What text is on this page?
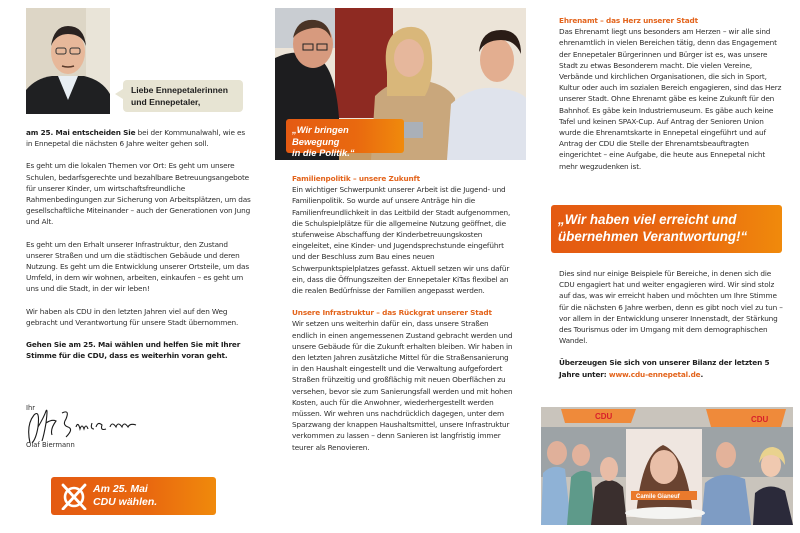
Liebe Ennepetalerinnen
und Ennepetaler,

am 25. Mai entscheiden Sie bei der Kommunalwahl, wie es in Ennepetal die nächsten 6 Jahre weiter gehen soll.

Es geht um die lokalen Themen vor Ort: Es geht um unsere Schulen, bedarfsgerechte und bezahlbare Betreuungsangebote für unserer Kinder, um wirtschaftsfreundliche Rahmenbedingungen zur Sicherung von Arbeitsplätzen, um das gesellschaftliche Miteinander – auch der Generationen von Jung und Alt.

Es geht um den Erhalt unserer Infrastruktur, den Zustand unserer Straßen und um die städtischen Gebäude und deren Nutzung. Es geht um die Entwicklung unserer Ortsteile, um das Umfeld, in dem wir wohnen, arbeiten, einkaufen – es geht um uns und die Stadt, in der wir leben!

Wir haben als CDU in den letzten Jahren viel auf den Weg gebracht und Verantwortung für unsere Stadt übernommen.

Gehen Sie am 25. Mai wählen und helfen Sie mit Ihrer Stimme für die CDU, dass es weiterhin voran geht.

Ihr
Olaf Biermann
Am 25. Mai
CDU wählen.
„Wir bringen Bewegung
in die Politik.“
Familienpolitik – unsere Zukunft

Ein wichtiger Schwerpunkt unserer Arbeit ist die Jugend- und Familienpolitik. So wurde auf unsere Anträge hin die Familienfreundlichkeit in das Leitbild der Stadt aufgenommen, die Schulspielplätze für die allgemeine Nutzung geöffnet, die stufenweise Abschaffung der Kinderbetreuungskosten eingeleitet, eine Kinder- und Jugendsprechstunde eingeführt und der Beschluss zum Bau eines neuen Schwerpunktspielplatzes gefasst. Aktuell setzen wir uns dafür ein, dass die Öffnungszeiten der Ennepetaler KiTas flexibel an die realen Bedürfnisse der Familien angepasst werden.

Unsere Infrastruktur – das Rückgrat unserer Stadt

Wir setzen uns weiterhin dafür ein, dass unsere Straßen endlich in einen angemessenen Zustand gebracht werden und unsere Gebäude für die Zukunft erhalten bleiben. Wir haben in den letzten Jahren zusätzliche Mittel für die Straßensanierung in den Haushalt eingestellt und die Verwaltung aufgefordert Straßen frühzeitig und großflächig mit neuen Oberflächen zu versehen, bevor sie zum Sanierungsfall werden und mit hohen Kosten, auch für die Anwohner, wiederhergestellt werden müssen. Wir wehren uns nachdrücklich dagegen, unter dem Sparzwang der knappen Haushaltsmittel, unsere Infrastruktur verkommen zu lassen – denn Sanieren ist langfristig immer teurer als Renovieren.

Ehrenamt – das Herz unserer Stadt

Das Ehrenamt liegt uns besonders am Herzen – wir alle sind ehrenamtlich in vielen Bereichen tätig, denn das Engagement der Ennepetaler Bürgerinnen und Bürger ist es, was unsere Stadt zu etwas Besonderem macht. Die vielen Vereine, Verbände und kirchlichen Organisationen, die sich in Sport, Kultur oder auch im sozialen Bereich engagieren, sind das Herz unserer Stadt. Ohne Ehrenamt gäbe es keine Zukunft für den Bahnhof. Es gäbe kein Industriemuseum. Es gäbe auch keine Tafel und keinen SPAX-Cup. Auf Antrag der Senioren Union wurde die Ehrenamtskarte in Ennepetal eingeführt und auf Antrag der CDU die Stelle der Ehrenamtsbeauftragten eingerichtet – eine Aufgabe, die heute aus Ennepetal nicht mehr wegzudenken ist.

„Wir haben viel erreicht und
übernehmen Verantwortung!“

Dies sind nur einige Beispiele für Bereiche, in denen sich die CDU engagiert hat und weiter engagieren wird. Wir sind stolz auf das, was wir erreicht haben und möchten um Ihre Stimme für die nächsten 6 Jahre werben, denn es gibt noch viel zu tun – vor allem in der Entwicklung unserer Innenstadt, der Stärkung des Tourismus oder im Umgang mit dem demographischen Wandel.

Überzeugen Sie sich von unserer Bilanz der letzten 5 Jahre unter: www.cdu-ennepetal.de.

CDU	CDU
Camile Gianeuf
